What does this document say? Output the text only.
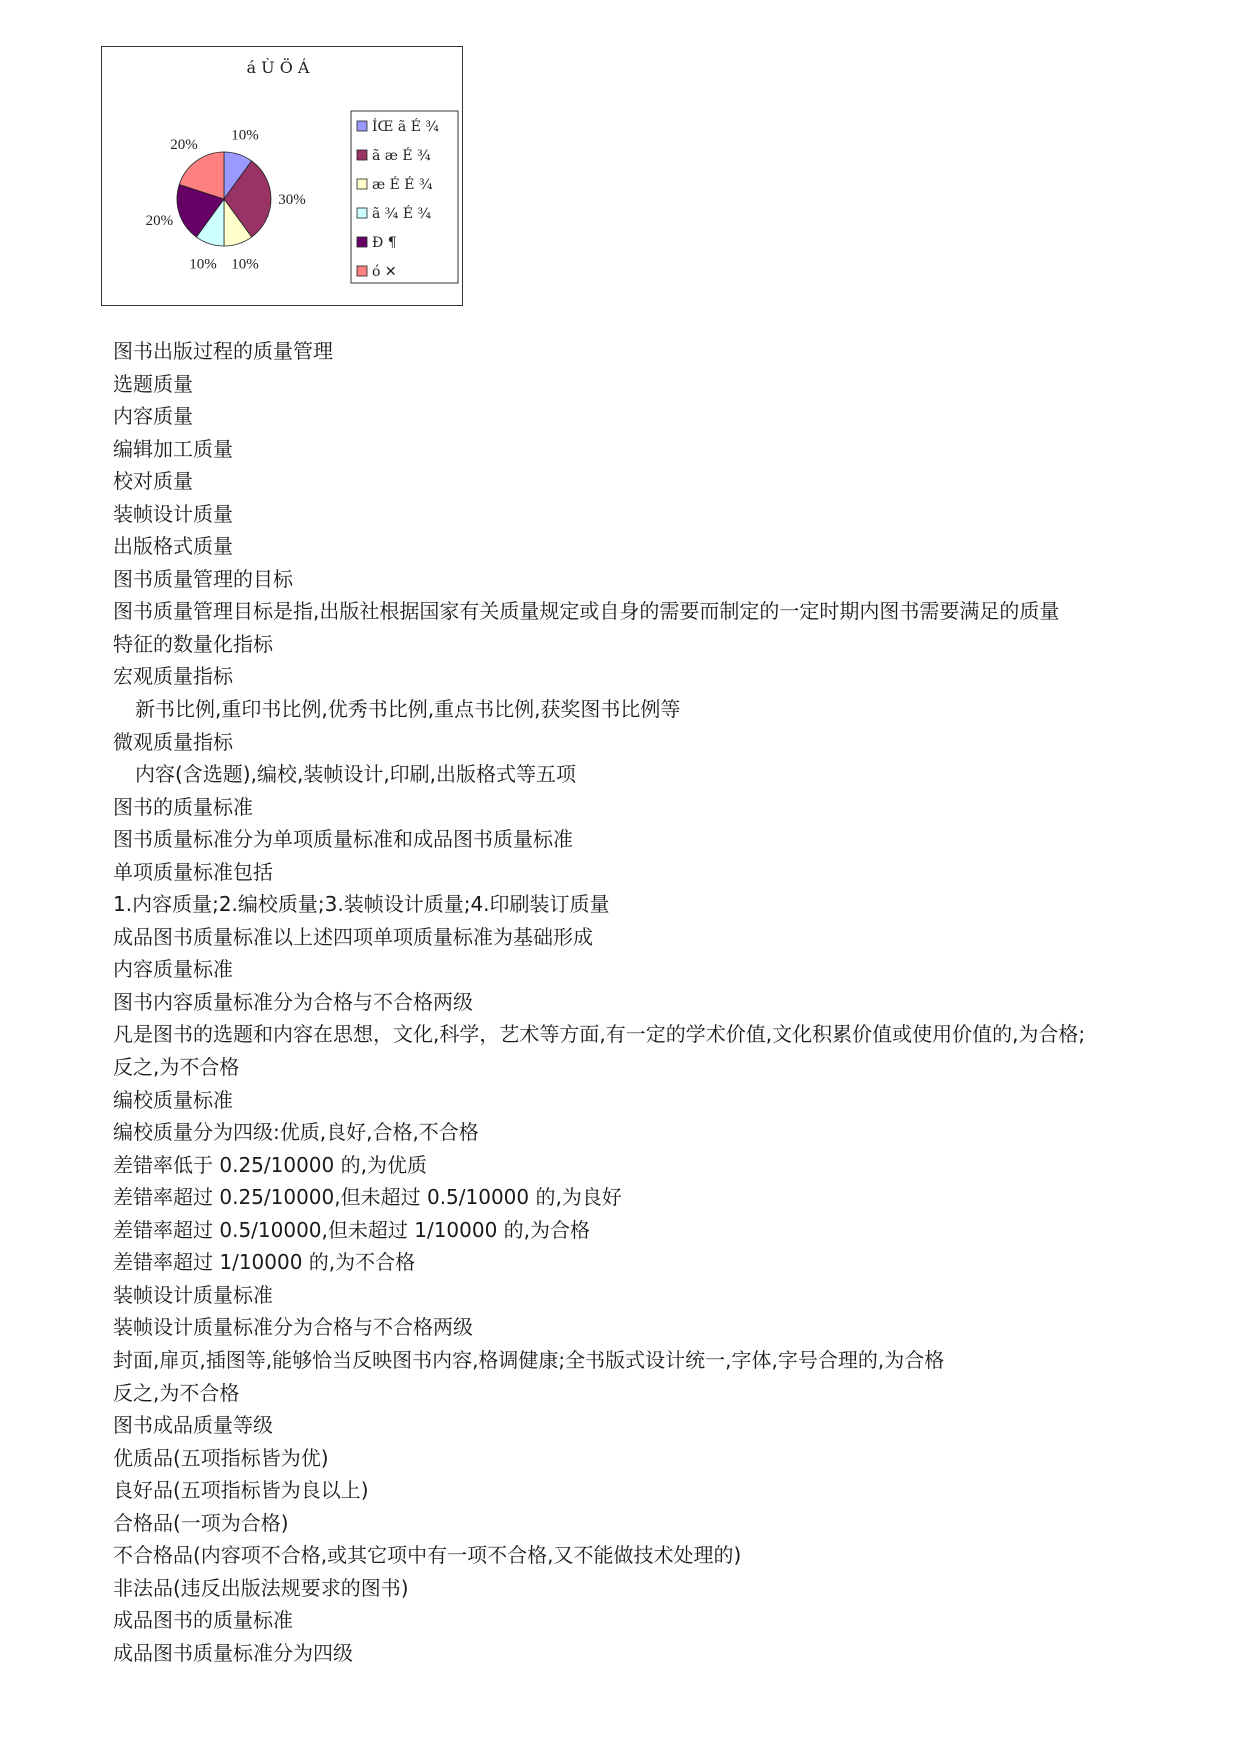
á Ù Ö Á
10%
30%
10%
10%
20%
20%
ÍŒ ã É ¾
ã æ É ¾
æ É É ¾
ã ¾ É ¾
Ð ¶
ó ✕
图书出版过程的质量管理
选题质量
内容质量
编辑加工质量
校对质量
装帧设计质量
出版格式质量
图书质量管理的目标
图书质量管理目标是指,出版社根据国家有关质量规定或自身的需要而制定的一定时期内图书需要满足的质量
特征的数量化指标
宏观质量指标
新书比例,重印书比例,优秀书比例,重点书比例,获奖图书比例等
微观质量指标
内容(含选题),编校,装帧设计,印刷,出版格式等五项
图书的质量标准
图书质量标准分为单项质量标准和成品图书质量标准
单项质量标准包括
1.内容质量;2.编校质量;3.装帧设计质量;4.印刷装订质量
成品图书质量标准以上述四项单项质量标准为基础形成
内容质量标准
图书内容质量标准分为合格与不合格两级
凡是图书的选题和内容在思想，文化,科学，艺术等方面,有一定的学术价值,文化积累价值或使用价值的,为合格;
反之,为不合格
编校质量标准
编校质量分为四级:优质,良好,合格,不合格
差错率低于 0.25/10000 的,为优质
差错率超过 0.25/10000,但未超过 0.5/10000 的,为良好
差错率超过 0.5/10000,但未超过 1/10000 的,为合格
差错率超过 1/10000 的,为不合格
装帧设计质量标准
装帧设计质量标准分为合格与不合格两级
封面,扉页,插图等,能够恰当反映图书内容,格调健康;全书版式设计统一,字体,字号合理的,为合格
反之,为不合格
图书成品质量等级
优质品(五项指标皆为优)
良好品(五项指标皆为良以上)
合格品(一项为合格)
不合格品(内容项不合格,或其它项中有一项不合格,又不能做技术处理的)
非法品(违反出版法规要求的图书)
成品图书的质量标准
成品图书质量标准分为四级
